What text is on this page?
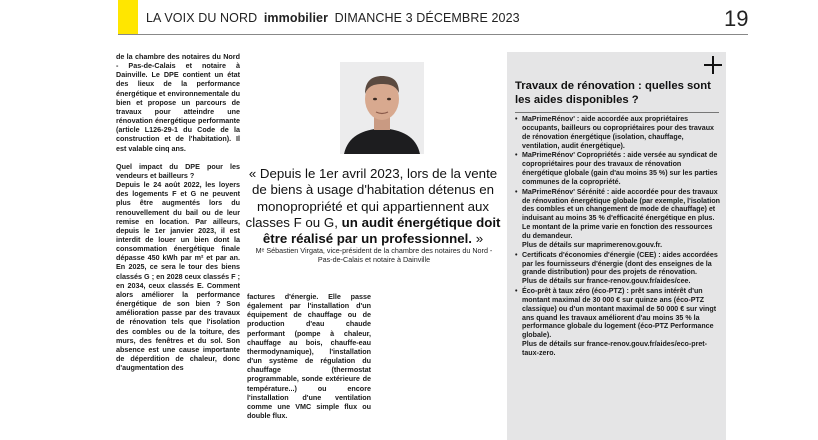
LA VOIX DU NORD immobilier DIMANCHE 3 DÉCEMBRE 2023	19

de la chambre des notaires du Nord - Pas-de-Calais et notaire à Dainville. Le DPE contient un état des lieux de la performance énergétique et environnementale du bien et propose un parcours de travaux pour atteindre une rénovation énergétique performante (article L126-29-1 du Code de la construction et de l'habitation). Il est valable cinq ans.

Quel impact du DPE pour les vendeurs et bailleurs ?

Depuis le 24 août 2022, les loyers des logements F et G ne peuvent plus être augmentés lors du renouvellement du bail ou de leur remise en location. Par ailleurs, depuis le 1er janvier 2023, il est interdit de louer un bien dont la consommation énergétique finale dépasse 450 kWh par m² et par an. En 2025, ce sera le tour des biens classés G ; en 2028 ceux classés F ; en 2034, ceux classés E. Comment alors améliorer la performance énergétique de son bien ? Son amélioration passe par des travaux de rénovation tels que l'isolation des combles ou de la toiture, des murs, des fenêtres et du sol. Son absence est une cause importante de déperdition de chaleur, donc d'augmentation des

« Depuis le 1er avril 2023, lors de la vente de biens à usage d'habitation détenus en monopropriété et qui appartiennent aux classes F ou G, un audit énergétique doit être réalisé par un professionnel. »
Mᵉ Sébastien Virgata, vice-président de la chambre des notaires du Nord - Pas-de-Calais et notaire à Dainville

factures d'énergie. Elle passe également par l'installation d'un équipement de chauffage ou de production d'eau chaude performant (pompe à chaleur, chauffage au bois, chauffe-eau thermodynamique), l'installation d'un système de régulation du chauffage (thermostat programmable, sonde extérieure de température...) ou encore l'installation d'une ventilation comme une VMC simple flux ou double flux.

Travaux de rénovation : quelles sont les aides disponibles ?
• MaPrimeRénov' : aide accordée aux propriétaires occupants, bailleurs ou copropriétaires pour des travaux de rénovation énergétique (isolation, chauffage, ventilation, audit énergétique).
• MaPrimeRénov' Copropriétés : aide versée au syndicat de copropriétaires pour des travaux de rénovation énergétique globale (gain d'au moins 35 %) sur les parties communes de la copropriété.
• MaPrimeRénov' Sérénité : aide accordée pour des travaux de rénovation énergétique globale (par exemple, l'isolation des combles et un changement de mode de chauffage) et induisant au moins 35 % d'efficacité énergétique en plus. Le montant de la prime varie en fonction des ressources du demandeur.
Plus de détails sur maprimerenov.gouv.fr.
• Certificats d'économies d'énergie (CEE) : aides accordées par les fournisseurs d'énergie (dont des enseignes de la grande distribution) pour des projets de rénovation.
Plus de détails sur france-renov.gouv.fr/aides/cee.
• Éco-prêt à taux zéro (éco-PTZ) : prêt sans intérêt d'un montant maximal de 30 000 € sur quinze ans (éco-PTZ classique) ou d'un montant maximal de 50 000 € sur vingt ans quand les travaux améliorent d'au moins 35 % la performance globale du logement (éco-PTZ Performance globale).
Plus de détails sur france-renov.gouv.fr/aides/eco-pret-taux-zero.
